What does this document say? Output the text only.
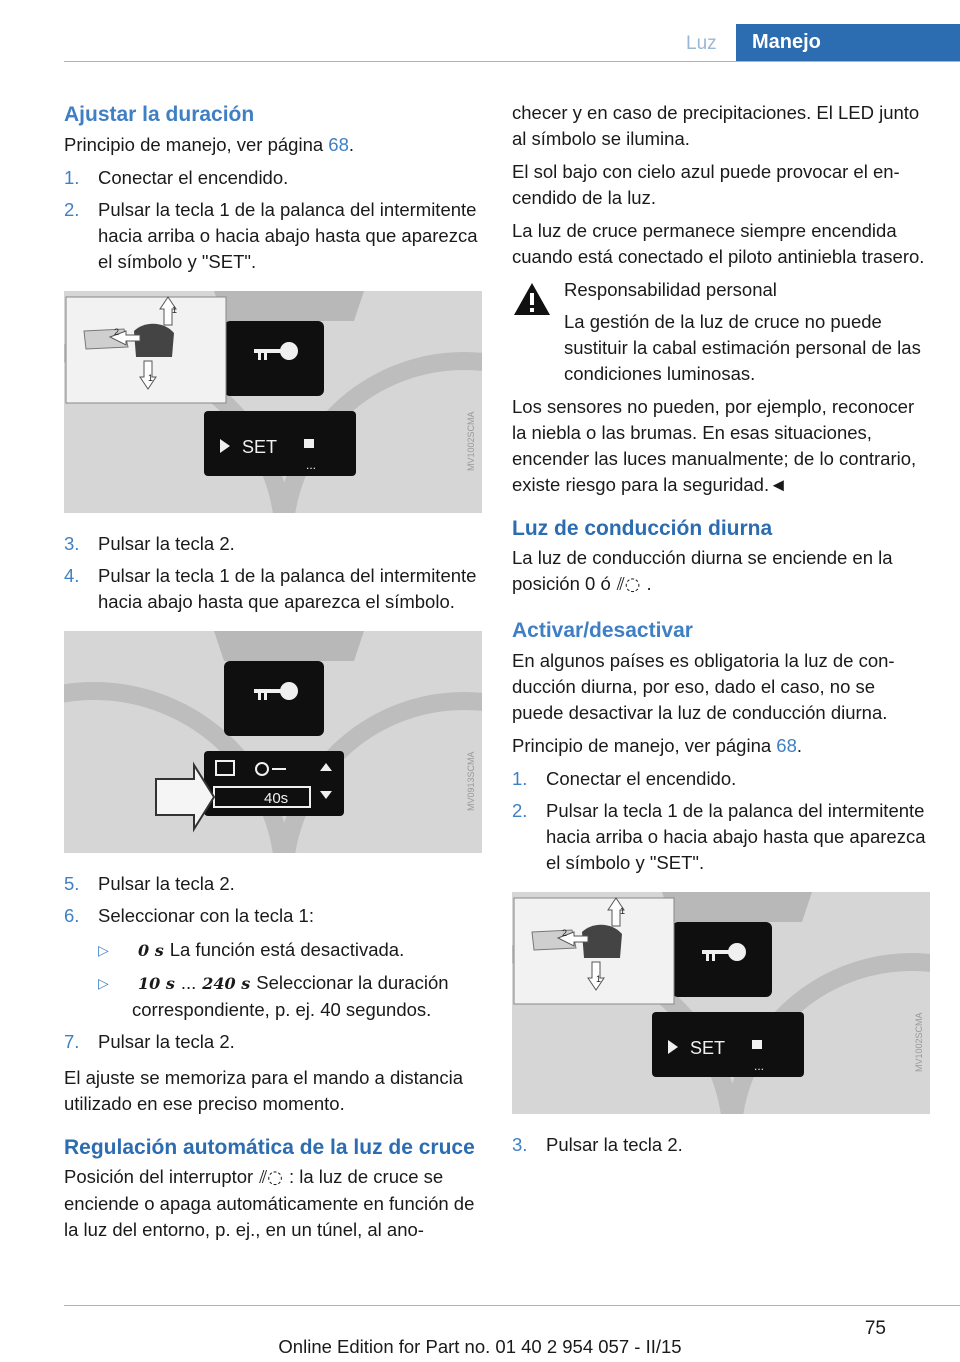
Luz	Manejo
Ajustar la duración

Principio de manejo, ver página 68.

1. Conectar el encendido.
2. Pulsar la tecla 1 de la palanca del intermitente hacia arriba o hacia abajo hasta que aparezca el símbolo y "SET".
SET
...
1
2
1
MV1002SCMA
3. Pulsar la tecla 2.
4. Pulsar la tecla 1 de la palanca del intermitente hacia abajo hasta que aparezca el símbolo.
40s	MV0913SCMA
5. Pulsar la tecla 2.
6. Seleccionar con la tecla 1:
▷ 0 s La función está desactivada.
▷ 10 s ... 240 s Seleccionar la duración correspondiente, p. ej. 40 segundos.
7. Pulsar la tecla 2.

El ajuste se memoriza para el mando a distancia utilizado en ese preciso momento.

Regulación automática de la luz de cruce

Posición del interruptor ⫽◌ : la luz de cruce se enciende o apaga automáticamente en función de la luz del entorno, p. ej., en un túnel, al ano-

checer y en caso de precipitaciones. El LED junto al símbolo se ilumina.

El sol bajo con cielo azul puede provocar el encendido de la luz.

La luz de cruce permanece siempre encendida cuando está conectado el piloto antiniebla trasero.

Responsabilidad personal
La gestión de la luz de cruce no puede sustituir la cabal estimación personal de las condiciones luminosas.

Los sensores no pueden, por ejemplo, reconocer la niebla o las brumas. En esas situaciones, encender las luces manualmente; de lo contrario, existe riesgo para la seguridad.◄

Luz de conducción diurna

La luz de conducción diurna se enciende en la posición 0 ó ⫽◌ .

Activar/desactivar

En algunos países es obligatoria la luz de conducción diurna, por eso, dado el caso, no se puede desactivar la luz de conducción diurna.

Principio de manejo, ver página 68.

1. Conectar el encendido.
2. Pulsar la tecla 1 de la palanca del intermitente hacia arriba o hacia abajo hasta que aparezca el símbolo y "SET".
SET
...
1
2
1
MV1002SCMA
3. Pulsar la tecla 2.
75
Online Edition for Part no. 01 40 2 954 057 - II/15
